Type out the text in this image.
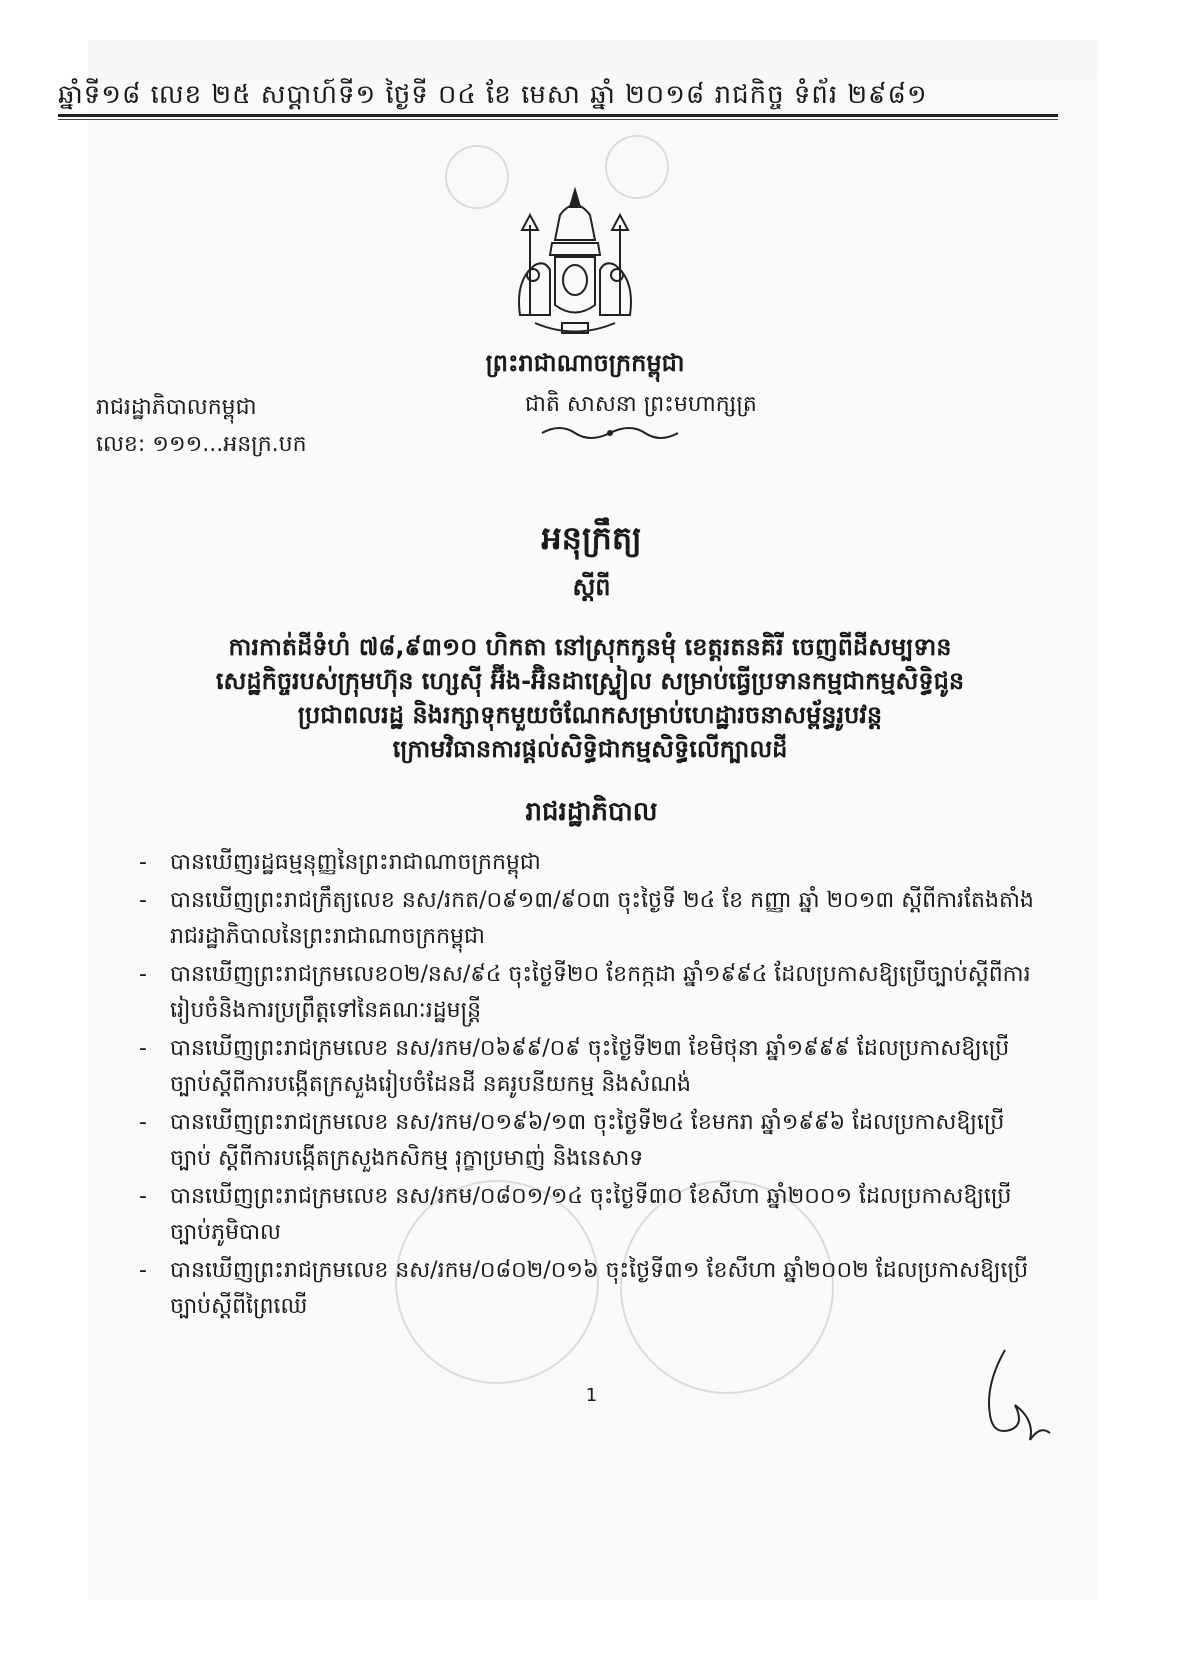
ឆ្នាំទី១៨ លេខ ២៥ សប្តាហ៍ទី១ ថ្ងៃទី ០៤ ខែ មេសា ឆ្នាំ ២០១៨ រាជកិច្ច ទំព័រ ២៩៨១
ព្រះរាជាណាចក្រកម្ពុជា
ជាតិ សាសនា ព្រះមហាក្សត្រ
រាជរដ្ឋាភិបាលកម្ពុជា
លេខ: ១១១...អនក្រ.បក
អនុក្រឹត្យ
ស្តីពី
ការកាត់ដីទំហំ ៧៨,៩៣១០ ហិកតា នៅស្រុកកូនមុំ ខេត្តរតនគិរី ចេញពីដីសម្បទាន
សេដ្ឋកិច្ចរបស់ក្រុមហ៊ុន ហ្សេស៊ី អ៊ីង-អ៊ិនដាស្ទ្រៀល សម្រាប់ធ្វើប្រទានកម្មជាកម្មសិទ្ធិជូន
ប្រជាពលរដ្ឋ និងរក្សាទុកមួយចំណែកសម្រាប់ហេដ្ឋារចនាសម្ព័ន្ធរូបវន្ត
ក្រោមវិធានការផ្តល់សិទ្ធិជាកម្មសិទ្ធិលើក្បាលដី
រាជរដ្ឋាភិបាល
- បានឃើញរដ្ឋធម្មនុញ្ញនៃព្រះរាជាណាចក្រកម្ពុជា
- បានឃើញព្រះរាជក្រឹត្យលេខ នស/រកត/០៩១៣/៩០៣ ចុះថ្ងៃទី ២៤ ខែ កញ្ញា ឆ្នាំ ២០១៣ ស្តីពីការតែងតាំងរាជរដ្ឋាភិបាលនៃព្រះរាជាណាចក្រកម្ពុជា
- បានឃើញព្រះរាជក្រមលេខ០២/នស/៩៤ ចុះថ្ងៃទី២០ ខែកក្កដា ឆ្នាំ១៩៩៤ ដែលប្រកាសឱ្យប្រើច្បាប់ស្តីពីការរៀបចំនិងការប្រព្រឹត្តទៅនៃគណៈរដ្ឋមន្ត្រី
- បានឃើញព្រះរាជក្រមលេខ នស/រកម/០៦៩៩/០៩ ចុះថ្ងៃទី២៣ ខែមិថុនា ឆ្នាំ១៩៩៩ ដែលប្រកាសឱ្យប្រើច្បាប់ស្តីពីការបង្កើតក្រសួងរៀបចំដែនដី នគរូបនីយកម្ម និងសំណង់
- បានឃើញព្រះរាជក្រមលេខ នស/រកម/០១៩៦/១៣ ចុះថ្ងៃទី២៤ ខែមករា ឆ្នាំ១៩៩៦ ដែលប្រកាសឱ្យប្រើច្បាប់ ស្តីពីការបង្កើតក្រសួងកសិកម្ម រុក្ខាប្រមាញ់ និងនេសាទ
- បានឃើញព្រះរាជក្រមលេខ នស/រកម/០៨០១/១៤ ចុះថ្ងៃទី៣០ ខែសីហា ឆ្នាំ២០០១ ដែលប្រកាសឱ្យប្រើច្បាប់ភូមិបាល
- បានឃើញព្រះរាជក្រមលេខ នស/រកម/០៨០២/០១៦ ចុះថ្ងៃទី៣១ ខែសីហា ឆ្នាំ២០០២ ដែលប្រកាសឱ្យប្រើច្បាប់ស្តីពីព្រៃឈើ
1
